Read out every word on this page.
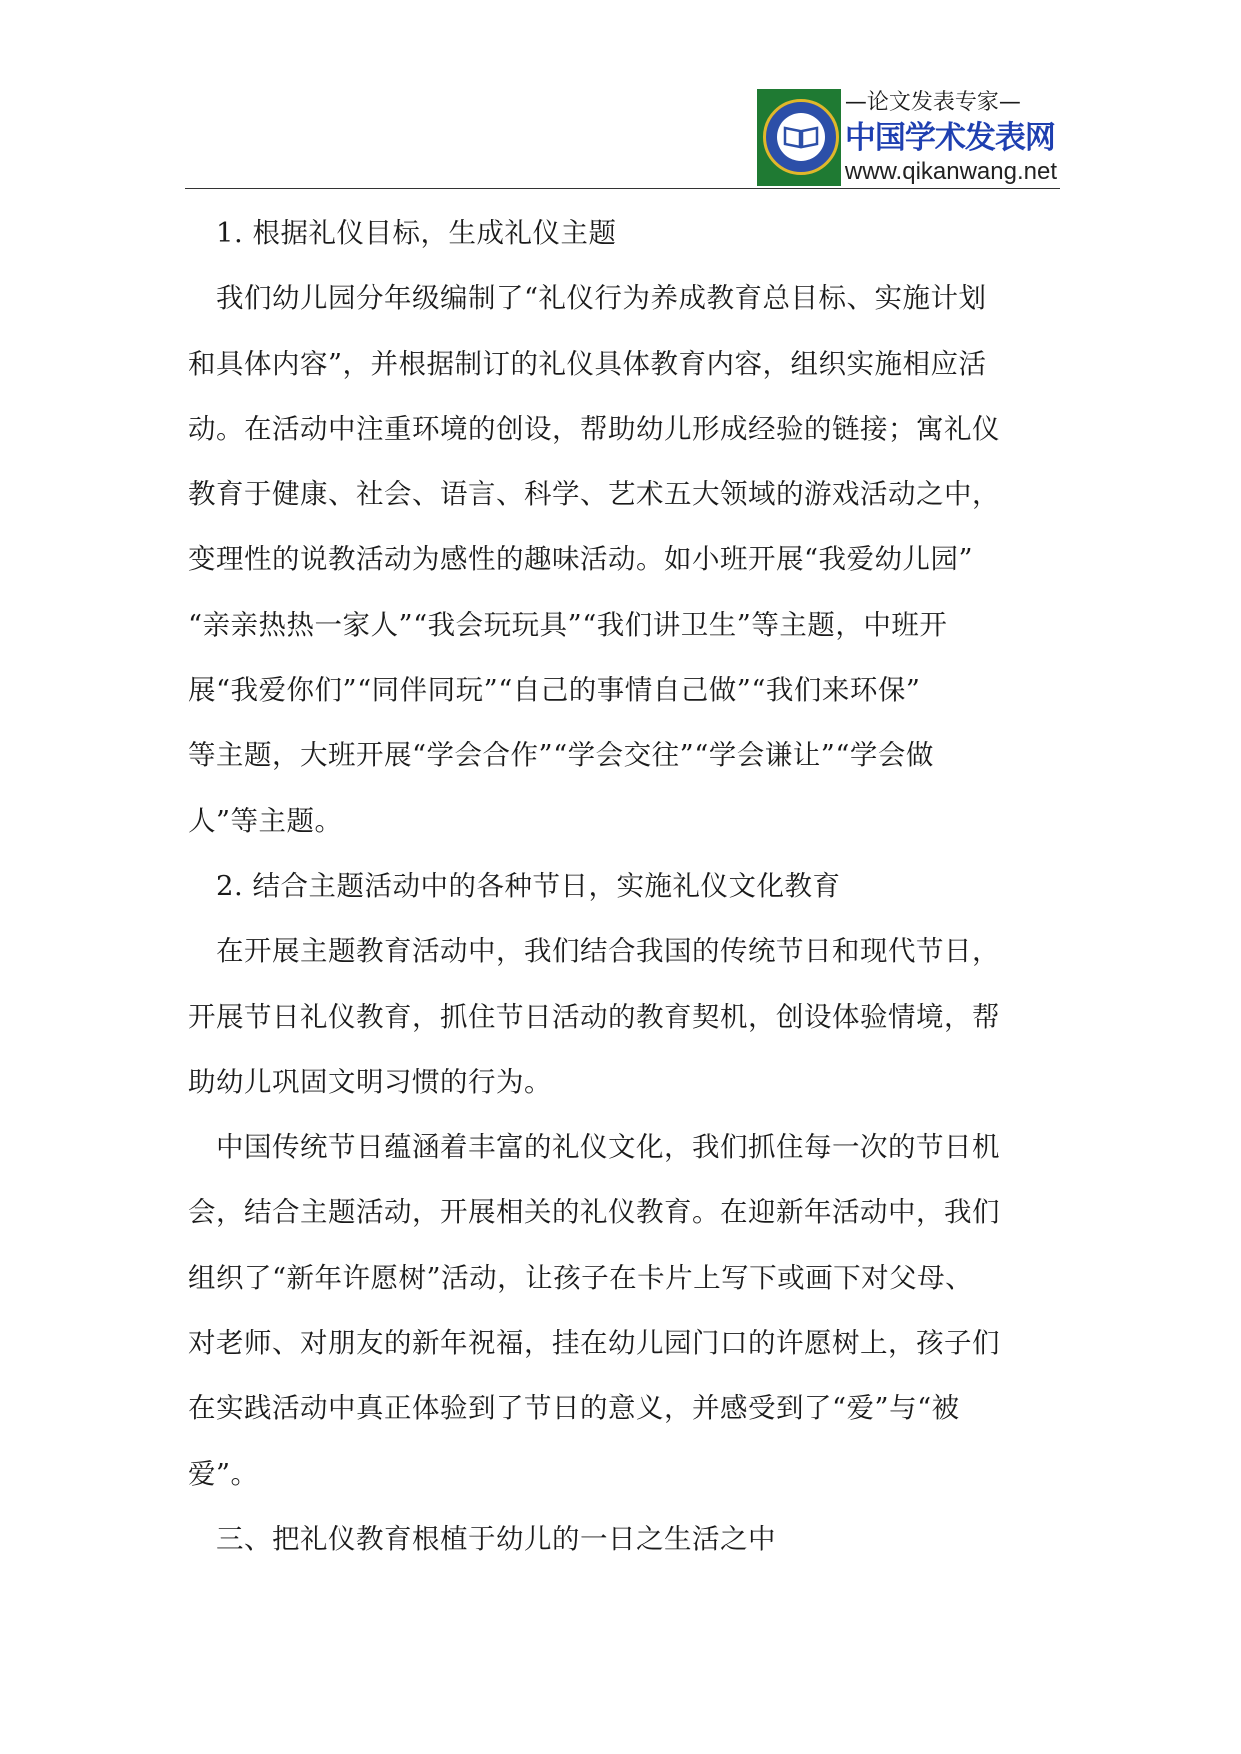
—论文发表专家—
中国学术发表网
www.qikanwang.net
1. 根据礼仪目标，生成礼仪主题
我们幼儿园分年级编制了“礼仪行为养成教育总目标、实施计划
和具体内容”，并根据制订的礼仪具体教育内容，组织实施相应活
动。在活动中注重环境的创设，帮助幼儿形成经验的链接；寓礼仪
教育于健康、社会、语言、科学、艺术五大领域的游戏活动之中，
变理性的说教活动为感性的趣味活动。如小班开展“我爱幼儿园”
“亲亲热热一家人”“我会玩玩具”“我们讲卫生”等主题，中班开
展“我爱你们”“同伴同玩”“自己的事情自己做”“我们来环保”
等主题，大班开展“学会合作”“学会交往”“学会谦让”“学会做
人”等主题。
2. 结合主题活动中的各种节日，实施礼仪文化教育
在开展主题教育活动中，我们结合我国的传统节日和现代节日，
开展节日礼仪教育，抓住节日活动的教育契机，创设体验情境，帮
助幼儿巩固文明习惯的行为。
中国传统节日蕴涵着丰富的礼仪文化，我们抓住每一次的节日机
会，结合主题活动，开展相关的礼仪教育。在迎新年活动中，我们
组织了“新年许愿树”活动，让孩子在卡片上写下或画下对父母、
对老师、对朋友的新年祝福，挂在幼儿园门口的许愿树上，孩子们
在实践活动中真正体验到了节日的意义，并感受到了“爱”与“被
爱”。
三、把礼仪教育根植于幼儿的一日之生活之中
